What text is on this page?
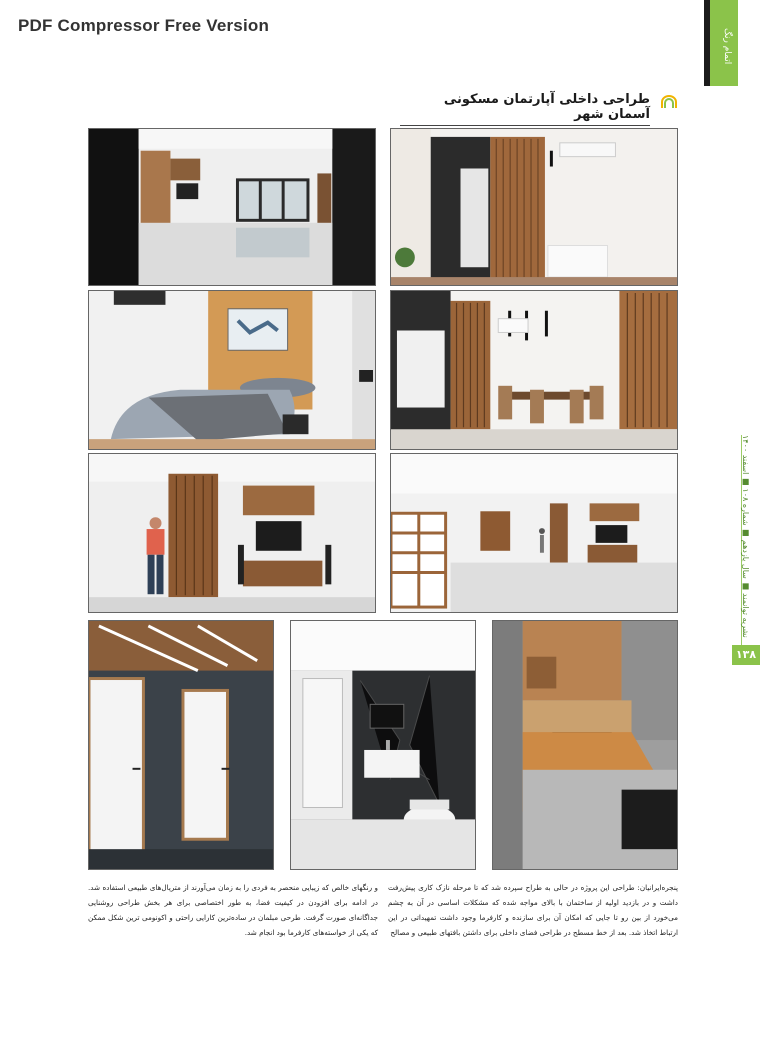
PDF Compressor Free Version
اتمام رنگ
طراحی داخلی آپارتمان مسکونی آسمان شهر
نشریه توانمند ■ سال یازدهم ■ شماره ۱۰۸ ■ اسفند ۱۴۰۰
۱۳۸
پنجره‌ایرانیان: طراحی این پروژه در حالی به طراح سپرده شد که تا مرحله نازک کاری پیش‌رفت داشت و در بازدید اولیه از ساختمان با بالای مواجه شده که مشکلات اساسی در آن به چشم می‌خورد از بین رو تا جایی که امکان آن برای سازنده و کارفرما وجود داشت تمهیداتی در این ارتباط اتخاذ شد. بعد از خط مسطح در طراحی فضای داخلی برای داشتن بافتهای طبیعی و مصالح
و رنگهای خالص که زیبایی منحصر به فردی را به زمان می‌آورند از متریال‌های طبیعی استفاده شد. در ادامه برای افزودن در کیفیت فضا، به طور اختصاصی برای هر بخش طراحی روشنایی جداگانه‌ای صورت گرفت. طرحی مبلمان در ساده‌ترین کارایی راحتی و اکونومی ترین شکل ممکن که یکی از خواسته‌های کارفرما بود انجام شد.
